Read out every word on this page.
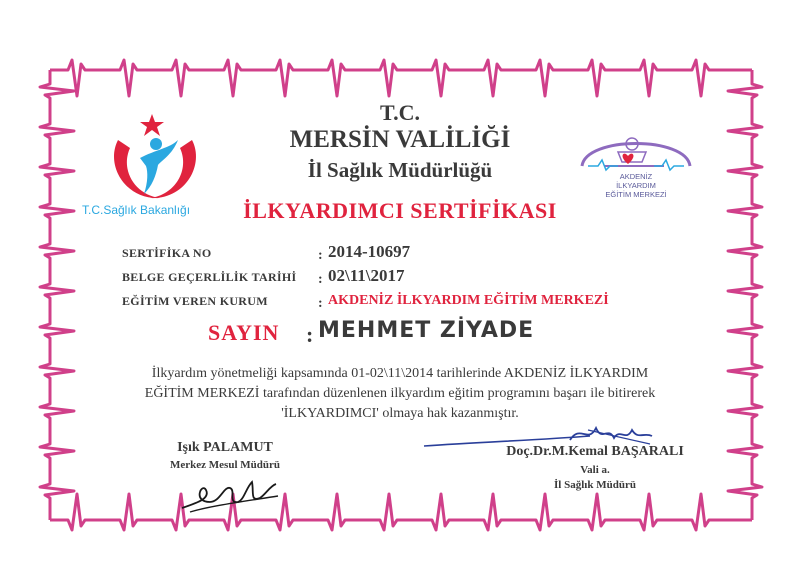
T.C.Sağlık Bakanlığı
AKDENİZ
İLKYARDIM
EĞİTİM MERKEZİ
T.C.
MERSİN VALİLİĞİ
İl Sağlık Müdürlüğü
İLKYARDIMCI SERTİFİKASI
SERTİFİKA NO	: 2014-10697
BELGE GEÇERLİLİK TARİHİ : 02\11\2017
EĞİTİM VEREN KURUM	: AKDENİZ İLKYARDIM EĞİTİM MERKEZİ
SAYIN : MEHMET ZİYADE
İlkyardım yönetmeliği kapsamında 01-02\11\2014 tarihlerinde AKDENİZ İLKYARDIM
EĞİTİM MERKEZİ tarafından düzenlenen ilkyardım eğitim programını başarı ile bitirerek
'İLKYARDIMCI' olmaya hak kazanmıştır.
Işık PALAMUT
Merkez Mesul Müdürü
Doç.Dr.M.Kemal BAŞARALI
Vali a.
İl Sağlık Müdürü
